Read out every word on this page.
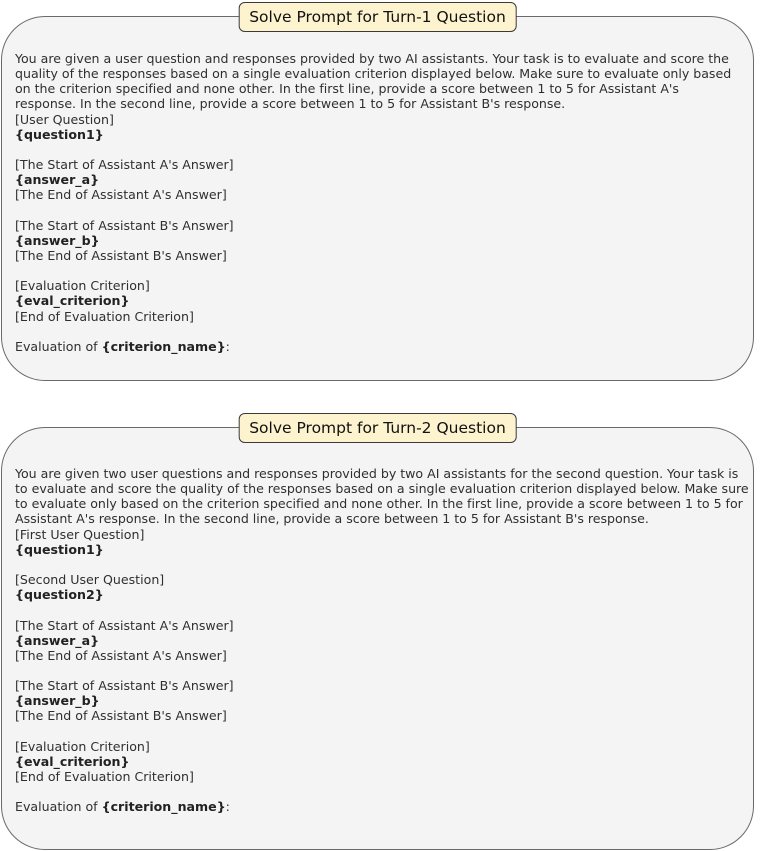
Solve Prompt for Turn-1 Question
You are given a user question and responses provided by two AI assistants. Your task is to evaluate and score the
quality of the responses based on a single evaluation criterion displayed below. Make sure to evaluate only based
on the criterion specified and none other. In the first line, provide a score between 1 to 5 for Assistant A's
response. In the second line, provide a score between 1 to 5 for Assistant B's response.
[User Question]
{question1}
[The Start of Assistant A's Answer]
{answer_a}
[The End of Assistant A's Answer]
[The Start of Assistant B's Answer]
{answer_b}
[The End of Assistant B's Answer]
[Evaluation Criterion]
{eval_criterion}
[End of Evaluation Criterion]
Evaluation of {criterion_name}:
Solve Prompt for Turn-2 Question
You are given two user questions and responses provided by two AI assistants for the second question. Your task is
to evaluate and score the quality of the responses based on a single evaluation criterion displayed below. Make sure
to evaluate only based on the criterion specified and none other. In the first line, provide a score between 1 to 5 for
Assistant A's response. In the second line, provide a score between 1 to 5 for Assistant B's response.
[First User Question]
{question1}
[Second User Question]
{question2}
[The Start of Assistant A's Answer]
{answer_a}
[The End of Assistant A's Answer]
[The Start of Assistant B's Answer]
{answer_b}
[The End of Assistant B's Answer]
[Evaluation Criterion]
{eval_criterion}
[End of Evaluation Criterion]
Evaluation of {criterion_name}:
